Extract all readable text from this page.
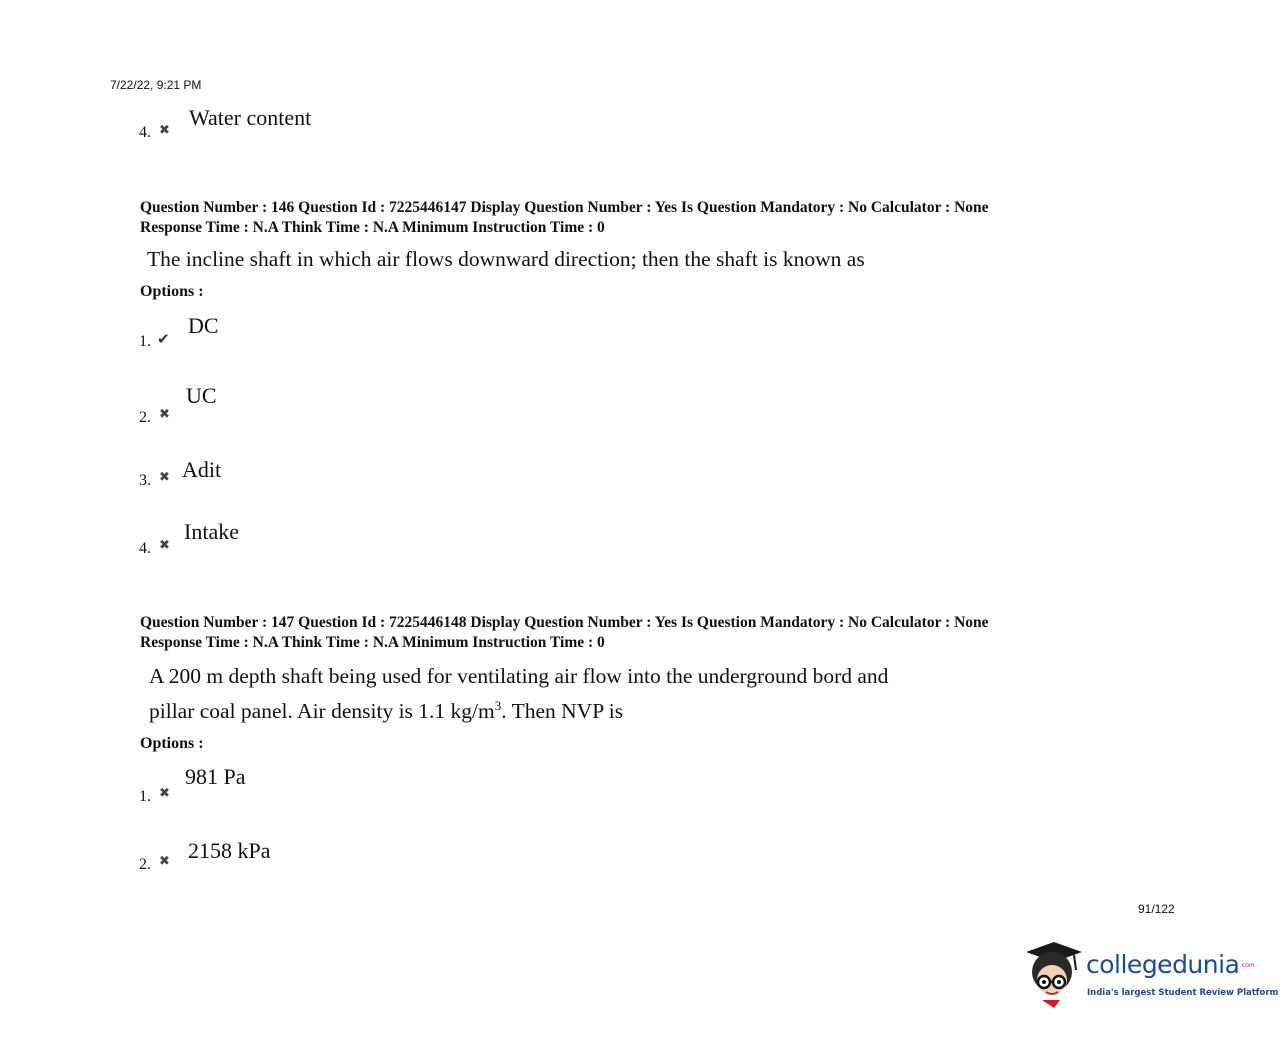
7/22/22, 9:21 PM
4. ✖
Water content
Question Number : 146 Question Id : 7225446147 Display Question Number : Yes Is Question Mandatory : No Calculator : None
Response Time : N.A Think Time : N.A Minimum Instruction Time : 0
The incline shaft in which air flows downward direction; then the shaft is known as
Options :
1. ✔
DC
2. ✖
UC
3. ✖ Adit
4. ✖
Intake
Question Number : 147 Question Id : 7225446148 Display Question Number : Yes Is Question Mandatory : No Calculator : None
Response Time : N.A Think Time : N.A Minimum Instruction Time : 0
A 200 m depth shaft being used for ventilating air flow into the underground bord and
pillar coal panel. Air density is 1.1 $kg/m^3$. Then NVP is
Options :
1. ✖
981 Pa
2. ✖ 2158 kPa
91/122
collegedunia .com
India's largest Student Review Platform
